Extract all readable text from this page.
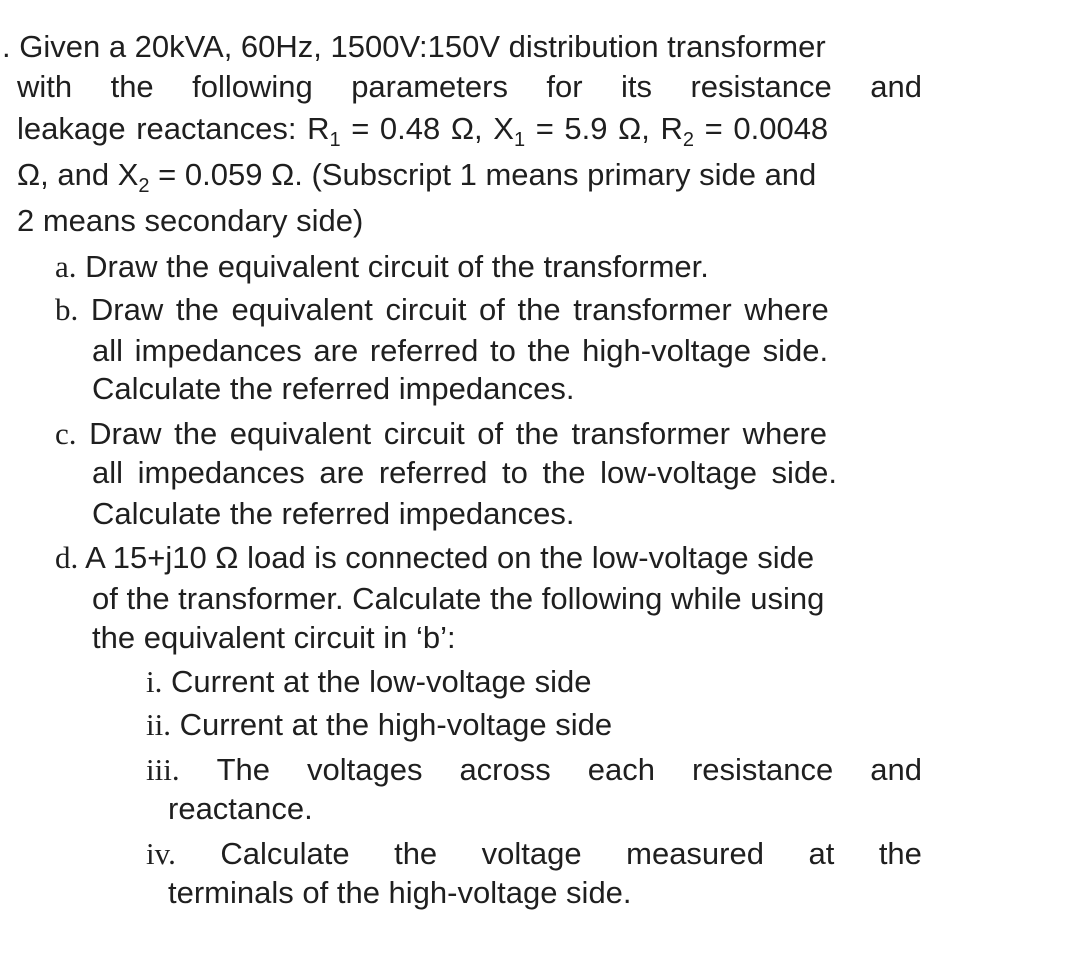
. Given a 20kVA, 60Hz, 1500V:150V distribution transformer
with the following parameters for its resistance and
leakage reactances: $R_1 = 0.48$ Ω, $X_1 = 5.9$ Ω, $R_2 = 0.0048$
Ω, and $X_2 = 0.059$ Ω. (Subscript 1 means primary side and
2 means secondary side)
a. Draw the equivalent circuit of the transformer.
b. Draw the equivalent circuit of the transformer where
all impedances are referred to the high-voltage side.
Calculate the referred impedances.
c. Draw the equivalent circuit of the transformer where
all impedances are referred to the low-voltage side.
Calculate the referred impedances.
d. A 15+j10 Ω load is connected on the low-voltage side
of the transformer. Calculate the following while using
the equivalent circuit in ‘b’:
i. Current at the low-voltage side
ii. Current at the high-voltage side
iii. The voltages across each resistance and
reactance.
iv. Calculate the voltage measured at the
terminals of the high-voltage side.
